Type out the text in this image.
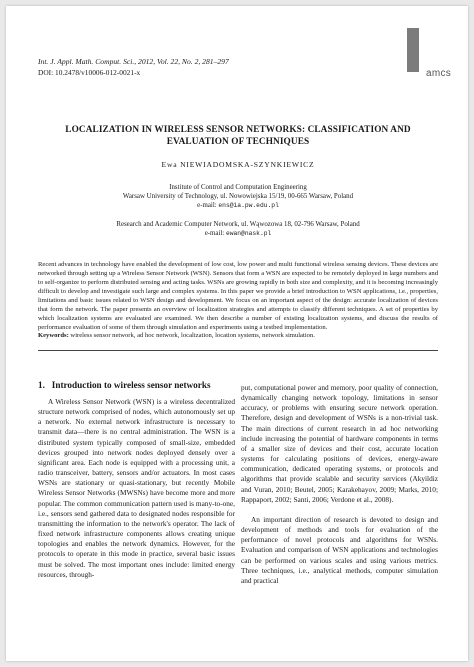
Int. J. Appl. Math. Comput. Sci., 2012, Vol. 22, No. 2, 281–297
DOI: 10.2478/v10006-012-0021-x	amcs
LOCALIZATION IN WIRELESS SENSOR NETWORKS: CLASSIFICATION AND
EVALUATION OF TECHNIQUES
Ewa NIEWIADOMSKA-SZYNKIEWICZ
Institute of Control and Computation Engineering
Warsaw University of Technology, ul. Nowowiejska 15/19, 00-665 Warsaw, Poland
e-mail: ens@ia.pw.edu.pl
Research and Academic Computer Network, ul. Wąwozowa 18, 02-796 Warsaw, Poland
e-mail: ewan@nask.pl
Recent advances in technology have enabled the development of low cost, low power and multi functional wireless sensing devices. These devices are networked through setting up a Wireless Sensor Network (WSN). Sensors that form a WSN are expected to be remotely deployed in large numbers and to self-organize to perform distributed sensing and acting tasks. WSNs are growing rapidly in both size and complexity, and it is becoming increasingly difficult to develop and investigate such large and complex systems. In this paper we provide a brief introduction to WSN applications, i.e., properties, limitations and basic issues related to WSN design and development. We focus on an important aspect of the design: accurate localization of devices that form the network. The paper presents an overview of localization strategies and attempts to classify different techniques. A set of properties by which localization systems are evaluated are examined. We then describe a number of existing localization systems, and discuss the results of performance evaluation of some of them through simulation and experiments using a testbed implementation.
Keywords: wireless sensor network, ad hoc network, localization, location systems, network simulation.
1. Introduction to wireless sensor networks

A Wireless Sensor Network (WSN) is a wireless decentralized structure network comprised of nodes, which autonomously set up a network. No external network infrastructure is necessary to transmit data—there is no central administration. The WSN is a distributed system typically composed of small-size, embedded devices grouped into network nodes deployed densely over a significant area. Each node is equipped with a processing unit, a radio transceiver, battery, sensors and/or actuators. In most cases WSNs are stationary or quasi-stationary, but recently Mobile Wireless Sensor Networks (MWSNs) have become more and more popular. The common communication pattern used is many-to-one, i.e., sensors send gathered data to designated nodes responsible for transmitting the information to the network's operator. The lack of fixed network infrastructure components allows creating unique topologies and enables the network dynamics. However, for the protocols to operate in this mode in practice, several basic issues must be solved. The most important ones include: limited energy resources, through-

put, computational power and memory, poor quality of connection, dynamically changing network topology, limitations in sensor accuracy, or problems with ensuring secure network operation. Therefore, design and development of WSNs is a non-trivial task. The main directions of current research in ad hoc networking include increasing the potential of hardware components in terms of a smaller size of devices and their cost, accurate location systems for calculating positions of devices, energy-aware communication, dedicated operating systems, or protocols and algorithms that provide scalable and security services (Akyildiz and Vuran, 2010; Beutel, 2005; Karakehayov, 2009; Marks, 2010; Rappaport, 2002; Santi, 2006; Verdone et al., 2008).

An important direction of research is devoted to design and development of methods and tools for evaluation of the performance of novel protocols and algorithms for WSNs. Evaluation and comparison of WSN applications and technologies can be performed on various scales and using various metrics. Three techniques, i.e., analytical methods, computer simulation and practical
